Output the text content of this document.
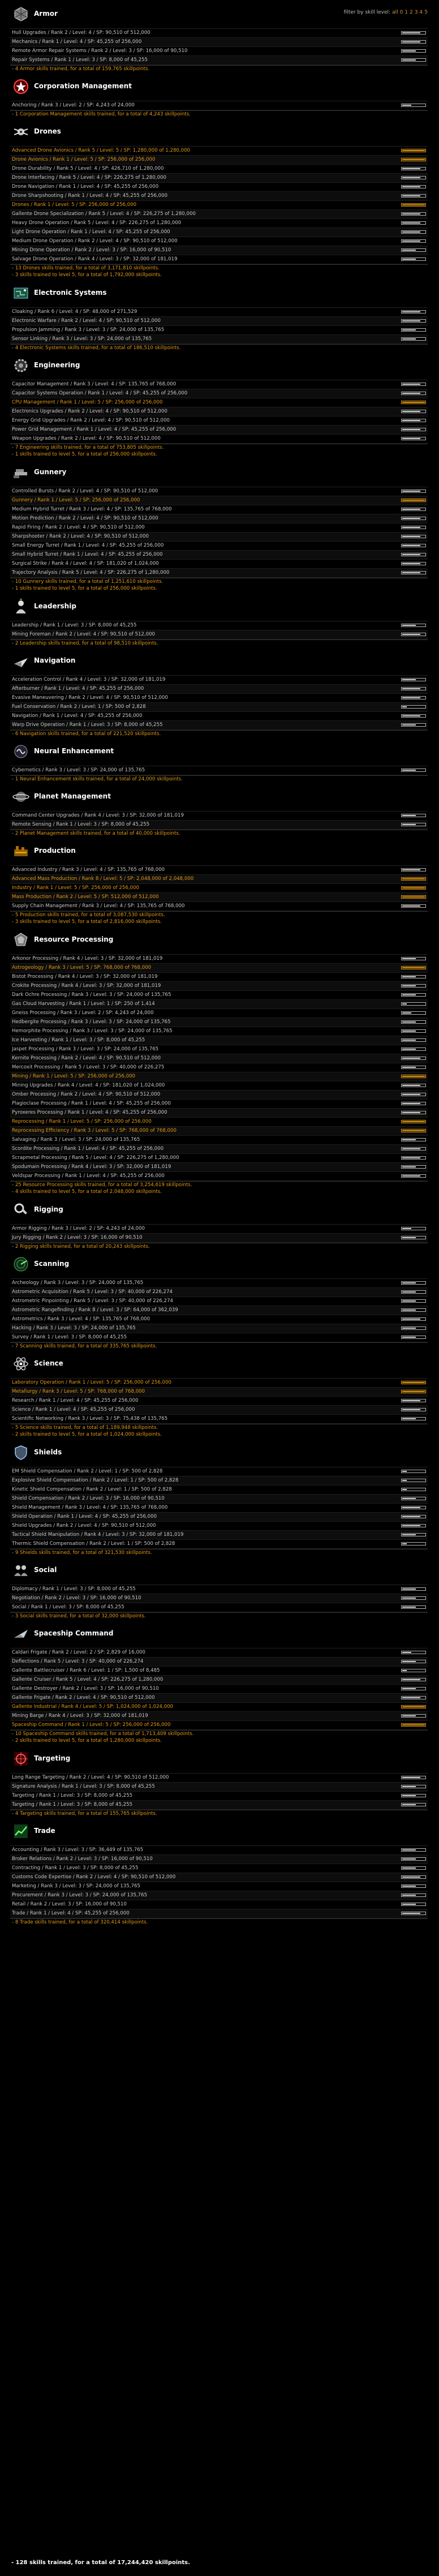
Armor	filter by skill level: all 0 1 2 3 4 5
Hull Upgrades / Rank 2 / Level: 4 / SP: 90,510 of 512,000
Mechanics / Rank 1 / Level: 4 / SP: 45,255 of 256,000
Remote Armor Repair Systems / Rank 2 / Level: 3 / SP: 16,000 of 90,510
Repair Systems / Rank 1 / Level: 3 / SP: 8,000 of 45,255
- 4 Armor skills trained, for a total of 159,765 skillpoints.
Corporation Management
Anchoring / Rank 3 / Level: 2 / SP: 4,243 of 24,000
- 1 Corporation Management skills trained, for a total of 4,243 skillpoints.
Drones
Advanced Drone Avionics / Rank 5 / Level: 5 / SP: 1,280,000 of 1,280,000
Drone Avionics / Rank 1 / Level: 5 / SP: 256,000 of 256,000
Drone Durability / Rank 5 / Level: 4 / SP: 426,710 of 1,280,000
Drone Interfacing / Rank 5 / Level: 4 / SP: 226,275 of 1,280,000
Drone Navigation / Rank 1 / Level: 4 / SP: 45,255 of 256,000
Drone Sharpshooting / Rank 1 / Level: 4 / SP: 45,255 of 256,000
Drones / Rank 1 / Level: 5 / SP: 256,000 of 256,000
Gallente Drone Specialization / Rank 5 / Level: 4 / SP: 226,275 of 1,280,000
Heavy Drone Operation / Rank 5 / Level: 4 / SP: 226,275 of 1,280,000
Light Drone Operation / Rank 1 / Level: 4 / SP: 45,255 of 256,000
Medium Drone Operation / Rank 2 / Level: 4 / SP: 90,510 of 512,000
Mining Drone Operation / Rank 2 / Level: 3 / SP: 16,000 of 90,510
Salvage Drone Operation / Rank 4 / Level: 3 / SP: 32,000 of 181,019
- 13 Drones skills trained, for a total of 3,171,810 skillpoints.
- 3 skills trained to level 5, for a total of 1,792,000 skillpoints.
Electronic Systems
Cloaking / Rank 6 / Level: 4 / SP: 48,000 of 271,529
Electronic Warfare / Rank 2 / Level: 4 / SP: 90,510 of 512,000
Propulsion Jamming / Rank 3 / Level: 3 / SP: 24,000 of 135,765
Sensor Linking / Rank 3 / Level: 3 / SP: 24,000 of 135,765
- 4 Electronic Systems skills trained, for a total of 186,510 skillpoints.
Engineering
Capacitor Management / Rank 3 / Level: 4 / SP: 135,765 of 768,000
Capacitor Systems Operation / Rank 1 / Level: 4 / SP: 45,255 of 256,000
CPU Management / Rank 1 / Level: 5 / SP: 256,000 of 256,000
Electronics Upgrades / Rank 2 / Level: 4 / SP: 90,510 of 512,000
Energy Grid Upgrades / Rank 2 / Level: 4 / SP: 90,510 of 512,000
Power Grid Management / Rank 1 / Level: 4 / SP: 45,255 of 256,000
Weapon Upgrades / Rank 2 / Level: 4 / SP: 90,510 of 512,000
- 7 Engineering skills trained, for a total of 753,805 skillpoints.
- 1 skills trained to level 5, for a total of 256,000 skillpoints.
Gunnery
Controlled Bursts / Rank 2 / Level: 4 / SP: 90,510 of 512,000
Gunnery / Rank 1 / Level: 5 / SP: 256,000 of 256,000
Medium Hybrid Turret / Rank 3 / Level: 4 / SP: 135,765 of 768,000
Motion Prediction / Rank 2 / Level: 4 / SP: 90,510 of 512,000
Rapid Firing / Rank 2 / Level: 4 / SP: 90,510 of 512,000
Sharpshooter / Rank 2 / Level: 4 / SP: 90,510 of 512,000
Small Energy Turret / Rank 1 / Level: 4 / SP: 45,255 of 256,000
Small Hybrid Turret / Rank 1 / Level: 4 / SP: 45,255 of 256,000
Surgical Strike / Rank 4 / Level: 4 / SP: 181,020 of 1,024,000
Trajectory Analysis / Rank 5 / Level: 4 / SP: 226,275 of 1,280,000
- 10 Gunnery skills trained, for a total of 1,251,610 skillpoints.
- 1 skills trained to level 5, for a total of 256,000 skillpoints.
Leadership
Leadership / Rank 1 / Level: 3 / SP: 8,000 of 45,255
Mining Foreman / Rank 2 / Level: 4 / SP: 90,510 of 512,000
- 2 Leadership skills trained, for a total of 98,510 skillpoints.
Navigation
Acceleration Control / Rank 4 / Level: 3 / SP: 32,000 of 181,019
Afterburner / Rank 1 / Level: 4 / SP: 45,255 of 256,000
Evasive Maneuvering / Rank 2 / Level: 4 / SP: 90,510 of 512,000
Fuel Conservation / Rank 2 / Level: 1 / SP: 500 of 2,828
Navigation / Rank 1 / Level: 4 / SP: 45,255 of 256,000
Warp Drive Operation / Rank 1 / Level: 3 / SP: 8,000 of 45,255
- 6 Navigation skills trained, for a total of 221,520 skillpoints.
Neural Enhancement
Cybernetics / Rank 3 / Level: 3 / SP: 24,000 of 135,765
- 1 Neural Enhancement skills trained, for a total of 24,000 skillpoints.
Planet Management
Command Center Upgrades / Rank 4 / Level: 3 / SP: 32,000 of 181,019
Remote Sensing / Rank 1 / Level: 3 / SP: 8,000 of 45,255
- 2 Planet Management skills trained, for a total of 40,000 skillpoints.
Production
Advanced Industry / Rank 3 / Level: 4 / SP: 135,765 of 768,000
Advanced Mass Production / Rank 8 / Level: 5 / SP: 2,048,000 of 2,048,000
Industry / Rank 1 / Level: 5 / SP: 256,000 of 256,000
Mass Production / Rank 2 / Level: 5 / SP: 512,000 of 512,000
Supply Chain Management / Rank 3 / Level: 4 / SP: 135,765 of 768,000
- 5 Production skills trained, for a total of 3,087,530 skillpoints.
- 3 skills trained to level 5, for a total of 2,816,000 skillpoints.
Resource Processing
Arkonor Processing / Rank 4 / Level: 3 / SP: 32,000 of 181,019
Astrogeology / Rank 3 / Level: 5 / SP: 768,000 of 768,000
Bistot Processing / Rank 4 / Level: 3 / SP: 32,000 of 181,019
Crokite Processing / Rank 4 / Level: 3 / SP: 32,000 of 181,019
Dark Ochre Processing / Rank 3 / Level: 3 / SP: 24,000 of 135,765
Gas Cloud Harvesting / Rank 1 / Level: 1 / SP: 250 of 1,414
Gneiss Processing / Rank 3 / Level: 2 / SP: 4,243 of 24,000
Hedbergite Processing / Rank 3 / Level: 3 / SP: 24,000 of 135,765
Hemorphite Processing / Rank 3 / Level: 3 / SP: 24,000 of 135,765
Ice Harvesting / Rank 1 / Level: 3 / SP: 8,000 of 45,255
Jaspet Processing / Rank 3 / Level: 3 / SP: 24,000 of 135,765
Kernite Processing / Rank 2 / Level: 4 / SP: 90,510 of 512,000
Mercoxit Processing / Rank 5 / Level: 3 / SP: 40,000 of 226,275
Mining / Rank 1 / Level: 5 / SP: 256,000 of 256,000
Mining Upgrades / Rank 4 / Level: 4 / SP: 181,020 of 1,024,000
Omber Processing / Rank 2 / Level: 4 / SP: 90,510 of 512,000
Plagioclase Processing / Rank 1 / Level: 4 / SP: 45,255 of 256,000
Pyroxeres Processing / Rank 1 / Level: 4 / SP: 45,255 of 256,000
Reprocessing / Rank 1 / Level: 5 / SP: 256,000 of 256,000
Reprocessing Efficiency / Rank 3 / Level: 5 / SP: 768,000 of 768,000
Salvaging / Rank 3 / Level: 3 / SP: 24,000 of 135,765
Scordite Processing / Rank 1 / Level: 4 / SP: 45,255 of 256,000
Scrapmetal Processing / Rank 5 / Level: 4 / SP: 226,275 of 1,280,000
Spodumain Processing / Rank 4 / Level: 3 / SP: 32,000 of 181,019
Veldspar Processing / Rank 1 / Level: 4 / SP: 45,255 of 256,000
- 25 Resource Processing skills trained, for a total of 3,254,619 skillpoints.
- 4 skills trained to level 5, for a total of 2,048,000 skillpoints.
Rigging
Armor Rigging / Rank 3 / Level: 2 / SP: 4,243 of 24,000
Jury Rigging / Rank 2 / Level: 3 / SP: 16,000 of 90,510
- 2 Rigging skills trained, for a total of 20,243 skillpoints.
Scanning
Archeology / Rank 3 / Level: 3 / SP: 24,000 of 135,765
Astrometric Acquisition / Rank 5 / Level: 3 / SP: 40,000 of 226,274
Astrometric Pinpointing / Rank 5 / Level: 3 / SP: 40,000 of 226,274
Astrometric Rangefinding / Rank 8 / Level: 3 / SP: 64,000 of 362,039
Astrometrics / Rank 3 / Level: 4 / SP: 135,765 of 768,000
Hacking / Rank 3 / Level: 3 / SP: 24,000 of 135,765
Survey / Rank 1 / Level: 3 / SP: 8,000 of 45,255
- 7 Scanning skills trained, for a total of 335,765 skillpoints.
Science
Laboratory Operation / Rank 1 / Level: 5 / SP: 256,000 of 256,000
Metallurgy / Rank 3 / Level: 5 / SP: 768,000 of 768,000
Research / Rank 1 / Level: 4 / SP: 45,255 of 256,000
Science / Rank 1 / Level: 4 / SP: 45,255 of 256,000
Scientific Networking / Rank 3 / Level: 3 / SP: 75,438 of 135,765
- 5 Science skills trained, for a total of 1,189,948 skillpoints.
- 2 skills trained to level 5, for a total of 1,024,000 skillpoints.
Shields
EM Shield Compensation / Rank 2 / Level: 1 / SP: 500 of 2,828
Explosive Shield Compensation / Rank 2 / Level: 1 / SP: 500 of 2,828
Kinetic Shield Compensation / Rank 2 / Level: 1 / SP: 500 of 2,828
Shield Compensation / Rank 2 / Level: 3 / SP: 16,000 of 90,510
Shield Management / Rank 3 / Level: 4 / SP: 135,765 of 768,000
Shield Operation / Rank 1 / Level: 4 / SP: 45,255 of 256,000
Shield Upgrades / Rank 2 / Level: 4 / SP: 90,510 of 512,000
Tactical Shield Manipulation / Rank 4 / Level: 3 / SP: 32,000 of 181,019
Thermic Shield Compensation / Rank 2 / Level: 1 / SP: 500 of 2,828
- 9 Shields skills trained, for a total of 321,530 skillpoints.
Social
Diplomacy / Rank 1 / Level: 3 / SP: 8,000 of 45,255
Negotiation / Rank 2 / Level: 3 / SP: 16,000 of 90,510
Social / Rank 1 / Level: 3 / SP: 8,000 of 45,255
- 3 Social skills trained, for a total of 32,000 skillpoints.
Spaceship Command
Caldari Frigate / Rank 2 / Level: 2 / SP: 2,829 of 16,000
Deflections / Rank 5 / Level: 3 / SP: 40,000 of 226,274
Gallente Battlecruiser / Rank 6 / Level: 1 / SP: 1,500 of 8,485
Gallente Cruiser / Rank 5 / Level: 4 / SP: 226,275 of 1,280,000
Gallente Destroyer / Rank 2 / Level: 3 / SP: 16,000 of 90,510
Gallente Frigate / Rank 2 / Level: 4 / SP: 90,510 of 512,000
Gallente Industrial / Rank 4 / Level: 5 / SP: 1,024,000 of 1,024,000
Mining Barge / Rank 4 / Level: 3 / SP: 32,000 of 181,019
Spaceship Command / Rank 1 / Level: 5 / SP: 256,000 of 256,000
- 10 Spaceship Command skills trained, for a total of 1,713,409 skillpoints.
- 2 skills trained to level 5, for a total of 1,280,000 skillpoints.
Targeting
Long Range Targeting / Rank 2 / Level: 4 / SP: 90,510 of 512,000
Signature Analysis / Rank 1 / Level: 3 / SP: 8,000 of 45,255
Targeting / Rank 1 / Level: 3 / SP: 8,000 of 45,255
Targeting / Rank 1 / Level: 3 / SP: 8,000 of 45,255
- 4 Targeting skills trained, for a total of 155,765 skillpoints.
Trade
Accounting / Rank 3 / Level: 3 / SP: 36,449 of 135,765
Broker Relations / Rank 2 / Level: 3 / SP: 16,000 of 90,510
Contracting / Rank 1 / Level: 3 / SP: 8,000 of 45,255
Customs Code Expertise / Rank 2 / Level: 4 / SP: 90,510 of 512,000
Marketing / Rank 3 / Level: 3 / SP: 24,000 of 135,765
Procurement / Rank 3 / Level: 3 / SP: 24,000 of 135,765
Retail / Rank 2 / Level: 3 / SP: 16,000 of 90,510
Trade / Rank 1 / Level: 4 / SP: 45,255 of 256,000
- 8 Trade skills trained, for a total of 320,414 skillpoints.
- 128 skills trained, for a total of 17,244,420 skillpoints.
